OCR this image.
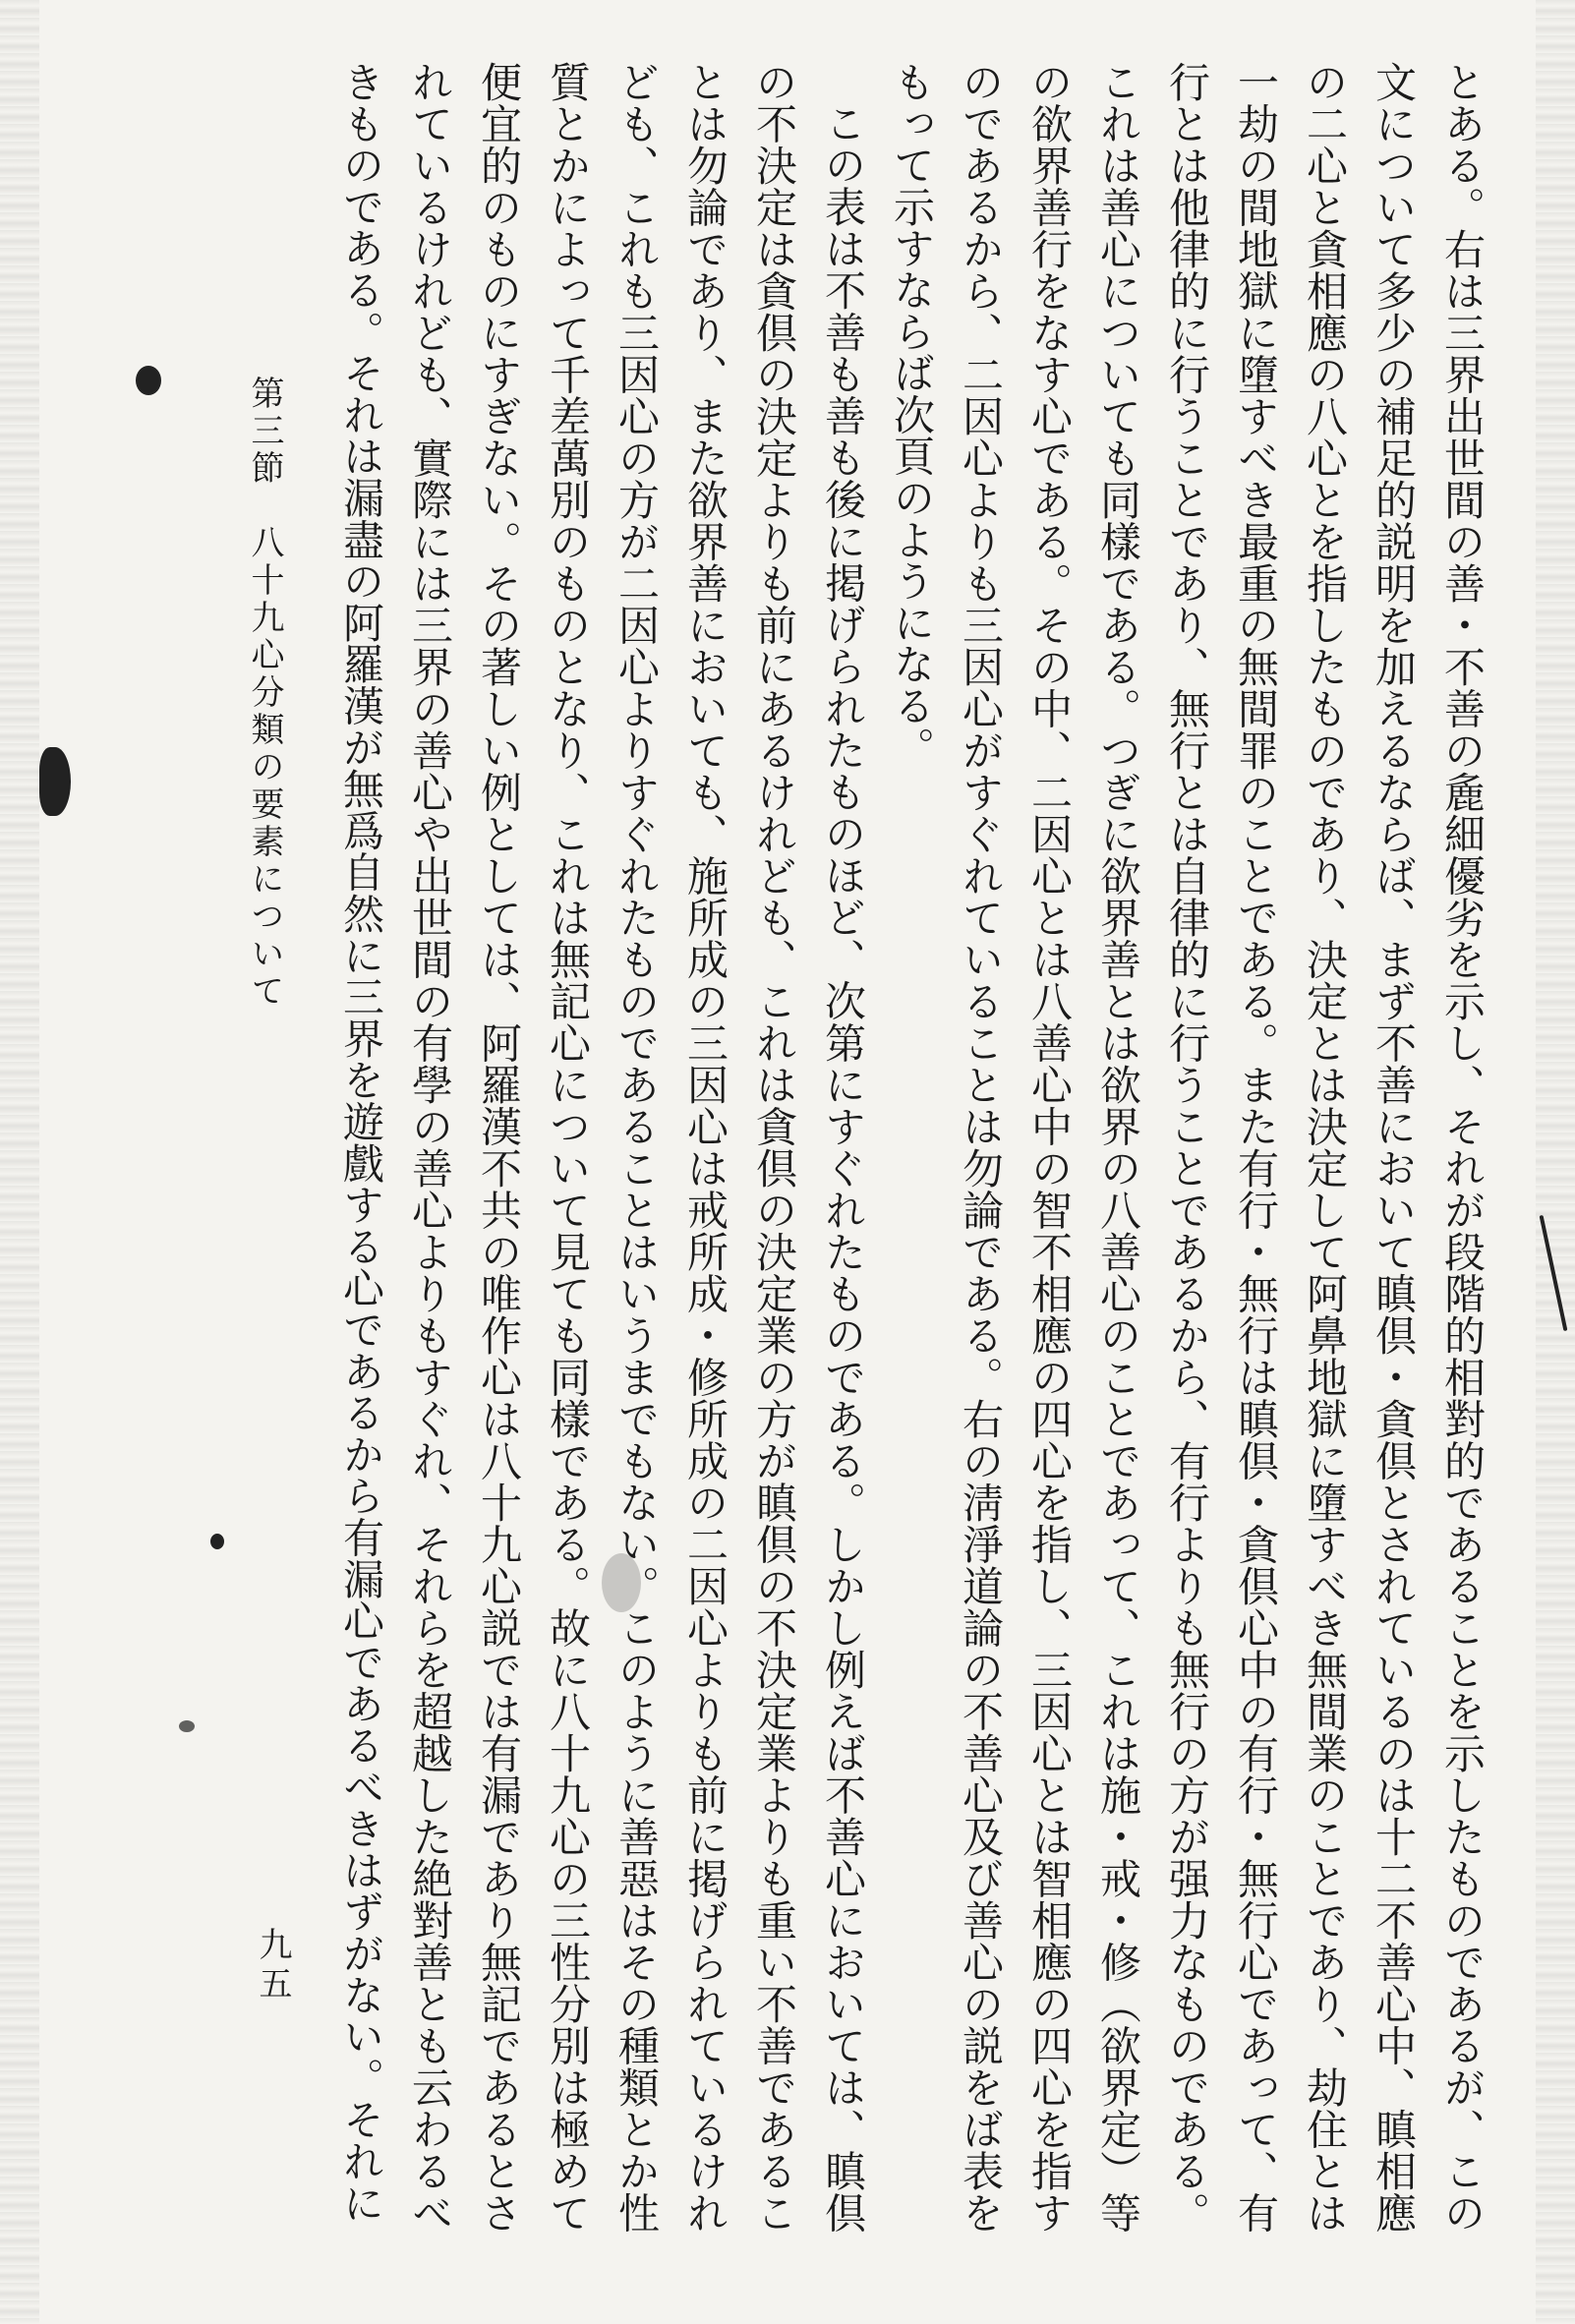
とある。右は三界出世間の善・不善の麁細優劣を示し、それが段階的相對的であることを示したものであるが、この文について多少の補足的説明を加えるならば、まず不善において瞋倶・貪倶とされているのは十二不善心中、瞋相應の二心と貪相應の八心とを指したものであり、決定とは決定して阿鼻地獄に墮すべき無間業のことであり、劫住とは一劫の間地獄に墮すべき最重の無間罪のことである。また有行・無行は瞋倶・貪倶心中の有行・無行心であって、有行とは他律的に行うことであり、無行とは自律的に行うことであるから、有行よりも無行の方が强力なものである。これは善心についても同樣である。つぎに欲界善とは欲界の八善心のことであって、これは施・戒・修（欲界定）等の欲界善行をなす心である。その中、二因心とは八善心中の智不相應の四心を指し、三因心とは智相應の四心を指すのであるから、二因心よりも三因心がすぐれていることは勿論である。右の淸淨道論の不善心及び善心の説をば表をもって示すならば次頁のようになる。

この表は不善も善も後に掲げられたものほど、次第にすぐれたものである。しかし例えば不善心においては、瞋倶の不決定は貪倶の決定よりも前にあるけれども、これは貪倶の決定業の方が瞋倶の不決定業よりも重い不善であることは勿論であり、また欲界善においても、施所成の三因心は戒所成・修所成の二因心よりも前に掲げられているけれども、これも三因心の方が二因心よりすぐれたものであることはいうまでもない。このように善惡はその種類とか性質とかによって千差萬別のものとなり、これは無記心について見ても同樣である。故に八十九心の三性分別は極めて便宜的のものにすぎない。その著しい例としては、阿羅漢不共の唯作心は八十九心説では有漏であり無記であるとされているけれども、實際には三界の善心や出世間の有學の善心よりもすぐれ、それらを超越した絶對善とも云わるべきものである。それは漏盡の阿羅漢が無爲自然に三界を遊戲する心であるから有漏心であるべきはずがない。それに

第三節　八十九心分類の要素について
九五
